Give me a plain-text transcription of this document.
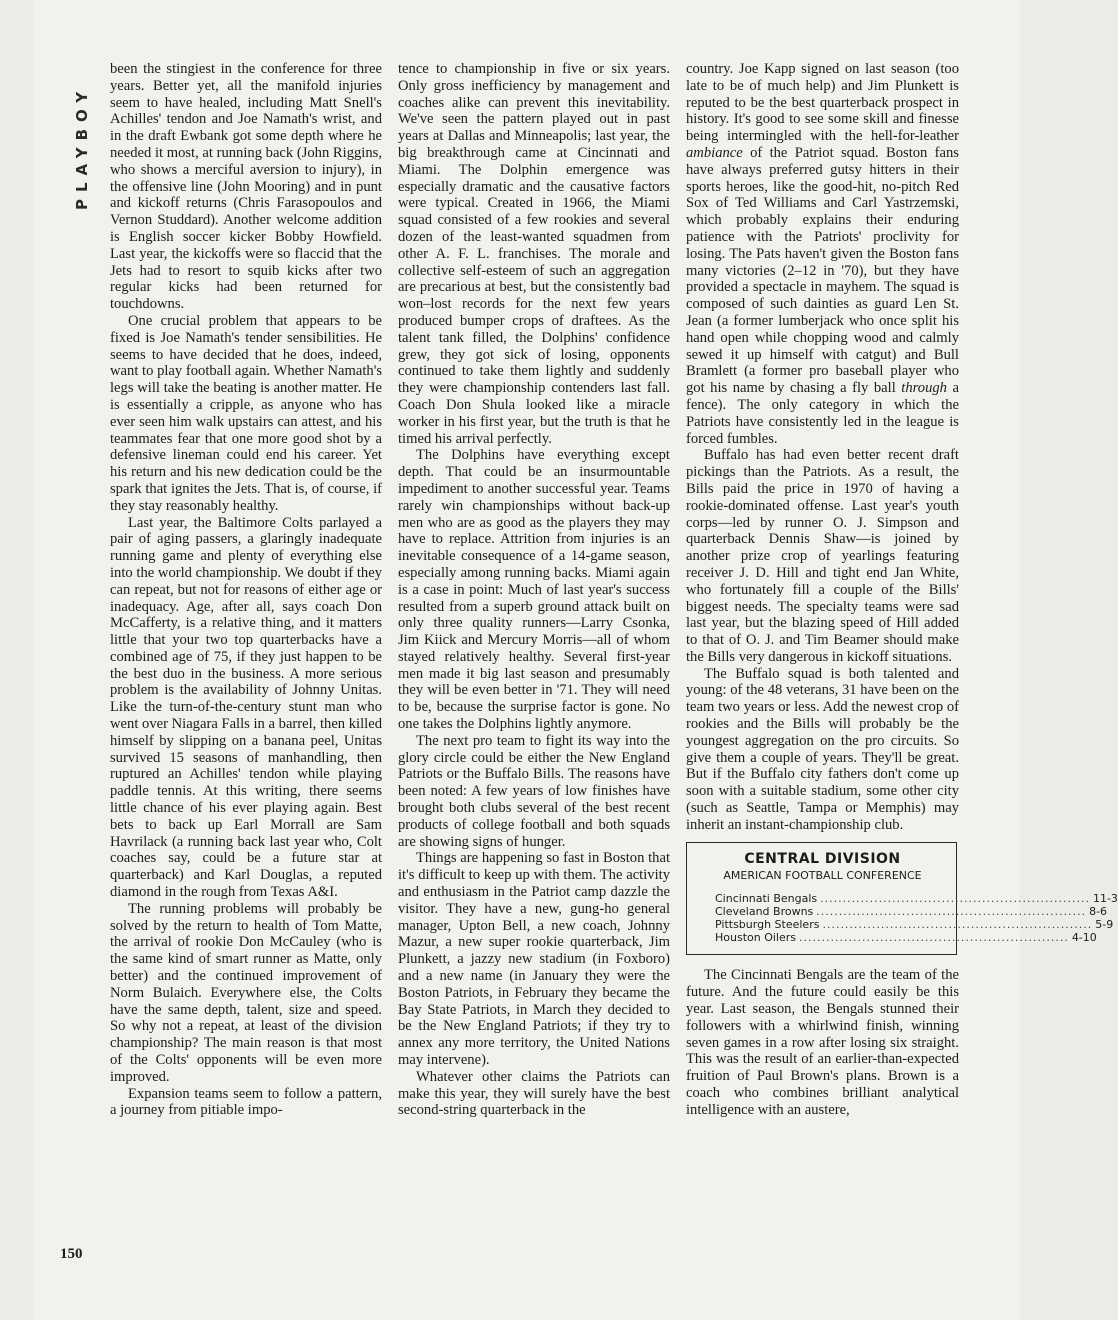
PLAYBOY

been the stingiest in the conference for three years. Better yet, all the manifold injuries seem to have healed, including Matt Snell's Achilles' tendon and Joe Namath's wrist, and in the draft Ewbank got some depth where he needed it most, at running back (John Riggins, who shows a merciful aversion to injury), in the offensive line (John Mooring) and in punt and kickoff returns (Chris Farasopoulos and Vernon Studdard). Another welcome addition is English soccer kicker Bobby Howfield. Last year, the kickoffs were so flaccid that the Jets had to resort to squib kicks after two regular kicks had been returned for touchdowns.

One crucial problem that appears to be fixed is Joe Namath's tender sensibilities. He seems to have decided that he does, indeed, want to play football again. Whether Namath's legs will take the beating is another matter. He is essentially a cripple, as anyone who has ever seen him walk upstairs can attest, and his teammates fear that one more good shot by a defensive lineman could end his career. Yet his return and his new dedication could be the spark that ignites the Jets. That is, of course, if they stay reasonably healthy.

Last year, the Baltimore Colts parlayed a pair of aging passers, a glaringly inadequate running game and plenty of everything else into the world championship. We doubt if they can repeat, but not for reasons of either age or inadequacy. Age, after all, says coach Don McCafferty, is a relative thing, and it matters little that your two top quarterbacks have a combined age of 75, if they just happen to be the best duo in the business. A more serious problem is the availability of Johnny Unitas. Like the turn-of-the-century stunt man who went over Niagara Falls in a barrel, then killed himself by slipping on a banana peel, Unitas survived 15 seasons of manhandling, then ruptured an Achilles' tendon while playing paddle tennis. At this writing, there seems little chance of his ever playing again. Best bets to back up Earl Morrall are Sam Havrilack (a running back last year who, Colt coaches say, could be a future star at quarterback) and Karl Douglas, a reputed diamond in the rough from Texas A&I.

The running problems will probably be solved by the return to health of Tom Matte, the arrival of rookie Don McCauley (who is the same kind of smart runner as Matte, only better) and the continued improvement of Norm Bulaich. Everywhere else, the Colts have the same depth, talent, size and speed. So why not a repeat, at least of the division championship? The main reason is that most of the Colts' opponents will be even more improved.

Expansion teams seem to follow a pattern, a journey from pitiable impo-

tence to championship in five or six years. Only gross inefficiency by management and coaches alike can prevent this inevitability. We've seen the pattern played out in past years at Dallas and Minneapolis; last year, the big breakthrough came at Cincinnati and Miami. The Dolphin emergence was especially dramatic and the causative factors were typical. Created in 1966, the Miami squad consisted of a few rookies and several dozen of the least-wanted squadmen from other A. F. L. franchises. The morale and collective self-esteem of such an aggregation are precarious at best, but the consistently bad won–lost records for the next few years produced bumper crops of draftees. As the talent tank filled, the Dolphins' confidence grew, they got sick of losing, opponents continued to take them lightly and suddenly they were championship contenders last fall. Coach Don Shula looked like a miracle worker in his first year, but the truth is that he timed his arrival perfectly.

The Dolphins have everything except depth. That could be an insurmountable impediment to another successful year. Teams rarely win championships without back-up men who are as good as the players they may have to replace. Attrition from injuries is an inevitable consequence of a 14-game season, especially among running backs. Miami again is a case in point: Much of last year's success resulted from a superb ground attack built on only three quality runners—Larry Csonka, Jim Kiick and Mercury Morris—all of whom stayed relatively healthy. Several first-year men made it big last season and presumably they will be even better in '71. They will need to be, because the surprise factor is gone. No one takes the Dolphins lightly anymore.

The next pro team to fight its way into the glory circle could be either the New England Patriots or the Buffalo Bills. The reasons have been noted: A few years of low finishes have brought both clubs several of the best recent products of college football and both squads are showing signs of hunger.

Things are happening so fast in Boston that it's difficult to keep up with them. The activity and enthusiasm in the Patriot camp dazzle the visitor. They have a new, gung-ho general manager, Upton Bell, a new coach, Johnny Mazur, a new super rookie quarterback, Jim Plunkett, a jazzy new stadium (in Foxboro) and a new name (in January they were the Boston Patriots, in February they became the Bay State Patriots, in March they decided to be the New England Patriots; if they try to annex any more territory, the United Nations may intervene).

Whatever other claims the Patriots can make this year, they will surely have the best second-string quarterback in the

country. Joe Kapp signed on last season (too late to be of much help) and Jim Plunkett is reputed to be the best quarterback prospect in history. It's good to see some skill and finesse being intermingled with the hell-for-leather ambiance of the Patriot squad. Boston fans have always preferred gutsy hitters in their sports heroes, like the good-hit, no-pitch Red Sox of Ted Williams and Carl Yastrzemski, which probably explains their enduring patience with the Patriots' proclivity for losing. The Pats haven't given the Boston fans many victories (2–12 in '70), but they have provided a spectacle in mayhem. The squad is composed of such dainties as guard Len St. Jean (a former lumberjack who once split his hand open while chopping wood and calmly sewed it up himself with catgut) and Bull Bramlett (a former pro baseball player who got his name by chasing a fly ball through a fence). The only category in which the Patriots have consistently led in the league is forced fumbles.

Buffalo has had even better recent draft pickings than the Patriots. As a result, the Bills paid the price in 1970 of having a rookie-dominated offense. Last year's youth corps—led by runner O. J. Simpson and quarterback Dennis Shaw—is joined by another prize crop of yearlings featuring receiver J. D. Hill and tight end Jan White, who fortunately fill a couple of the Bills' biggest needs. The specialty teams were sad last year, but the blazing speed of Hill added to that of O. J. and Tim Beamer should make the Bills very dangerous in kickoff situations.

The Buffalo squad is both talented and young: of the 48 veterans, 31 have been on the team two years or less. Add the newest crop of rookies and the Bills will probably be the youngest aggregation on the pro circuits. So give them a couple of years. They'll be great. But if the Buffalo city fathers don't come up soon with a suitable stadium, some other city (such as Seattle, Tampa or Memphis) may inherit an instant-championship club.

CENTRAL DIVISION
AMERICAN FOOTBALL CONFERENCE
Cincinnati Bengals ............................................................ 11-3
Cleveland Browns ............................................................ 8-6
Pittsburgh Steelers ............................................................ 5-9
Houston Oilers ............................................................ 4-10

The Cincinnati Bengals are the team of the future. And the future could easily be this year. Last season, the Bengals stunned their followers with a whirlwind finish, winning seven games in a row after losing six straight. This was the result of an earlier-than-expected fruition of Paul Brown's plans. Brown is a coach who combines brilliant analytical intelligence with an austere,

150
